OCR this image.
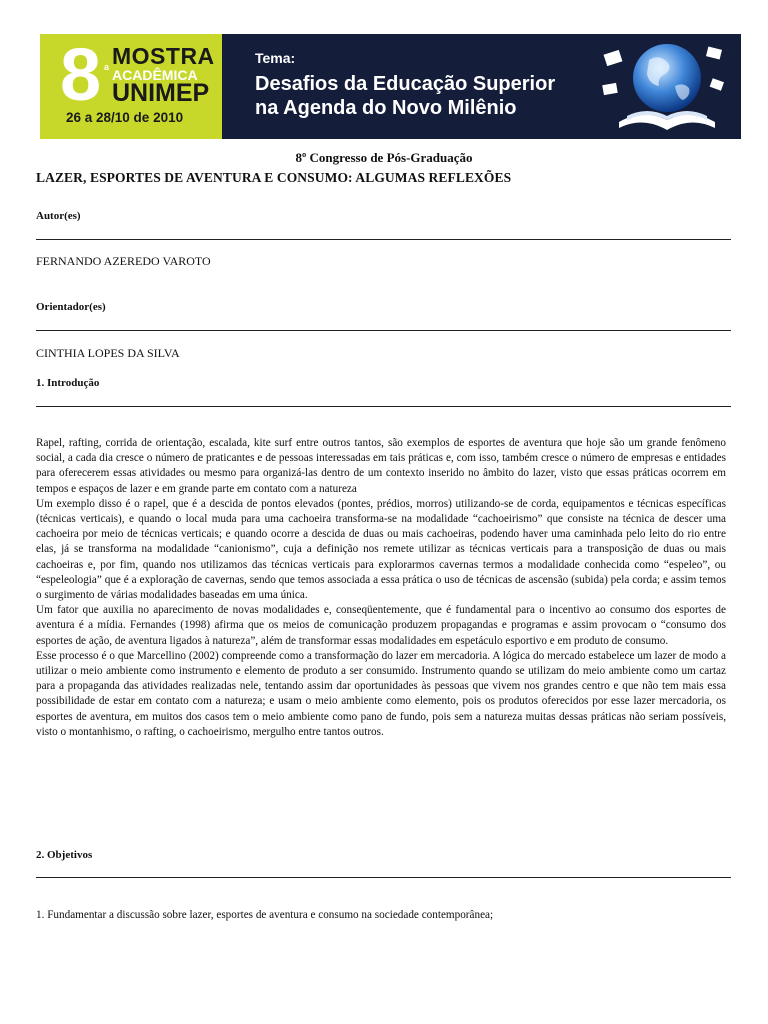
8 a MOSTRA
ACADÊMICA
UNIMEP
26 a 28/10 de 2010
Tema:
Desafios da Educação Superior
na Agenda do Novo Milênio
8º Congresso de Pós-Graduação
LAZER, ESPORTES DE AVENTURA E CONSUMO: ALGUMAS REFLEXÕES
Autor(es)
FERNANDO AZEREDO VAROTO
Orientador(es)
CINTHIA LOPES DA SILVA
1. Introdução
Rapel, rafting, corrida de orientação, escalada, kite surf entre outros tantos, são exemplos de esportes de aventura que hoje são um grande fenômeno social, a cada dia cresce o número de praticantes e de pessoas interessadas em tais práticas e, com isso, também cresce o número de empresas e entidades para oferecerem essas atividades ou mesmo para organizá-las dentro de um contexto inserido no âmbito do lazer, visto que essas práticas ocorrem em tempos e espaços de lazer e em grande parte em contato com a natureza
Um exemplo disso é o rapel, que é a descida de pontos elevados (pontes, prédios, morros) utilizando-se de corda, equipamentos e técnicas específicas (técnicas verticais), e quando o local muda para uma cachoeira transforma-se na modalidade “cachoeirismo” que consiste na técnica de descer uma cachoeira por meio de técnicas verticais; e quando ocorre a descida de duas ou mais cachoeiras, podendo haver uma caminhada pelo leito do rio entre elas, já se transforma na modalidade “canionismo”, cuja a definição nos remete utilizar as técnicas verticais para a transposição de duas ou mais cachoeiras e, por fim, quando nos utilizamos das técnicas verticais para explorarmos cavernas termos a modalidade conhecida como “espeleo”, ou “espeleologia” que é a exploração de cavernas, sendo que temos associada a essa prática o uso de técnicas de ascensão (subida) pela corda; e assim temos o surgimento de várias modalidades baseadas em uma única.
Um fator que auxilia no aparecimento de novas modalidades e, conseqüentemente, que é fundamental para o incentivo ao consumo dos esportes de aventura é a mídia. Fernandes (1998) afirma que os meios de comunicação produzem propagandas e programas e assim provocam o “consumo dos esportes de ação, de aventura ligados à natureza”, além de transformar essas modalidades em espetáculo esportivo e em produto de consumo.
Esse processo é o que Marcellino (2002) compreende como a transformação do lazer em mercadoria. A lógica do mercado estabelece um lazer de modo a utilizar o meio ambiente como instrumento e elemento de produto a ser consumido. Instrumento quando se utilizam do meio ambiente como um cartaz para a propaganda das atividades realizadas nele, tentando assim dar oportunidades às pessoas que vivem nos grandes centro e que não tem mais essa possibilidade de estar em contato com a natureza; e usam o meio ambiente como elemento, pois os produtos oferecidos por esse lazer mercadoria, os esportes de aventura, em muitos dos casos tem o meio ambiente como pano de fundo, pois sem a natureza muitas dessas práticas não seriam possíveis, visto o montanhismo, o rafting, o cachoeirismo, mergulho entre tantos outros.
2. Objetivos
1. Fundamentar a discussão sobre lazer, esportes de aventura e consumo na sociedade contemporânea;
